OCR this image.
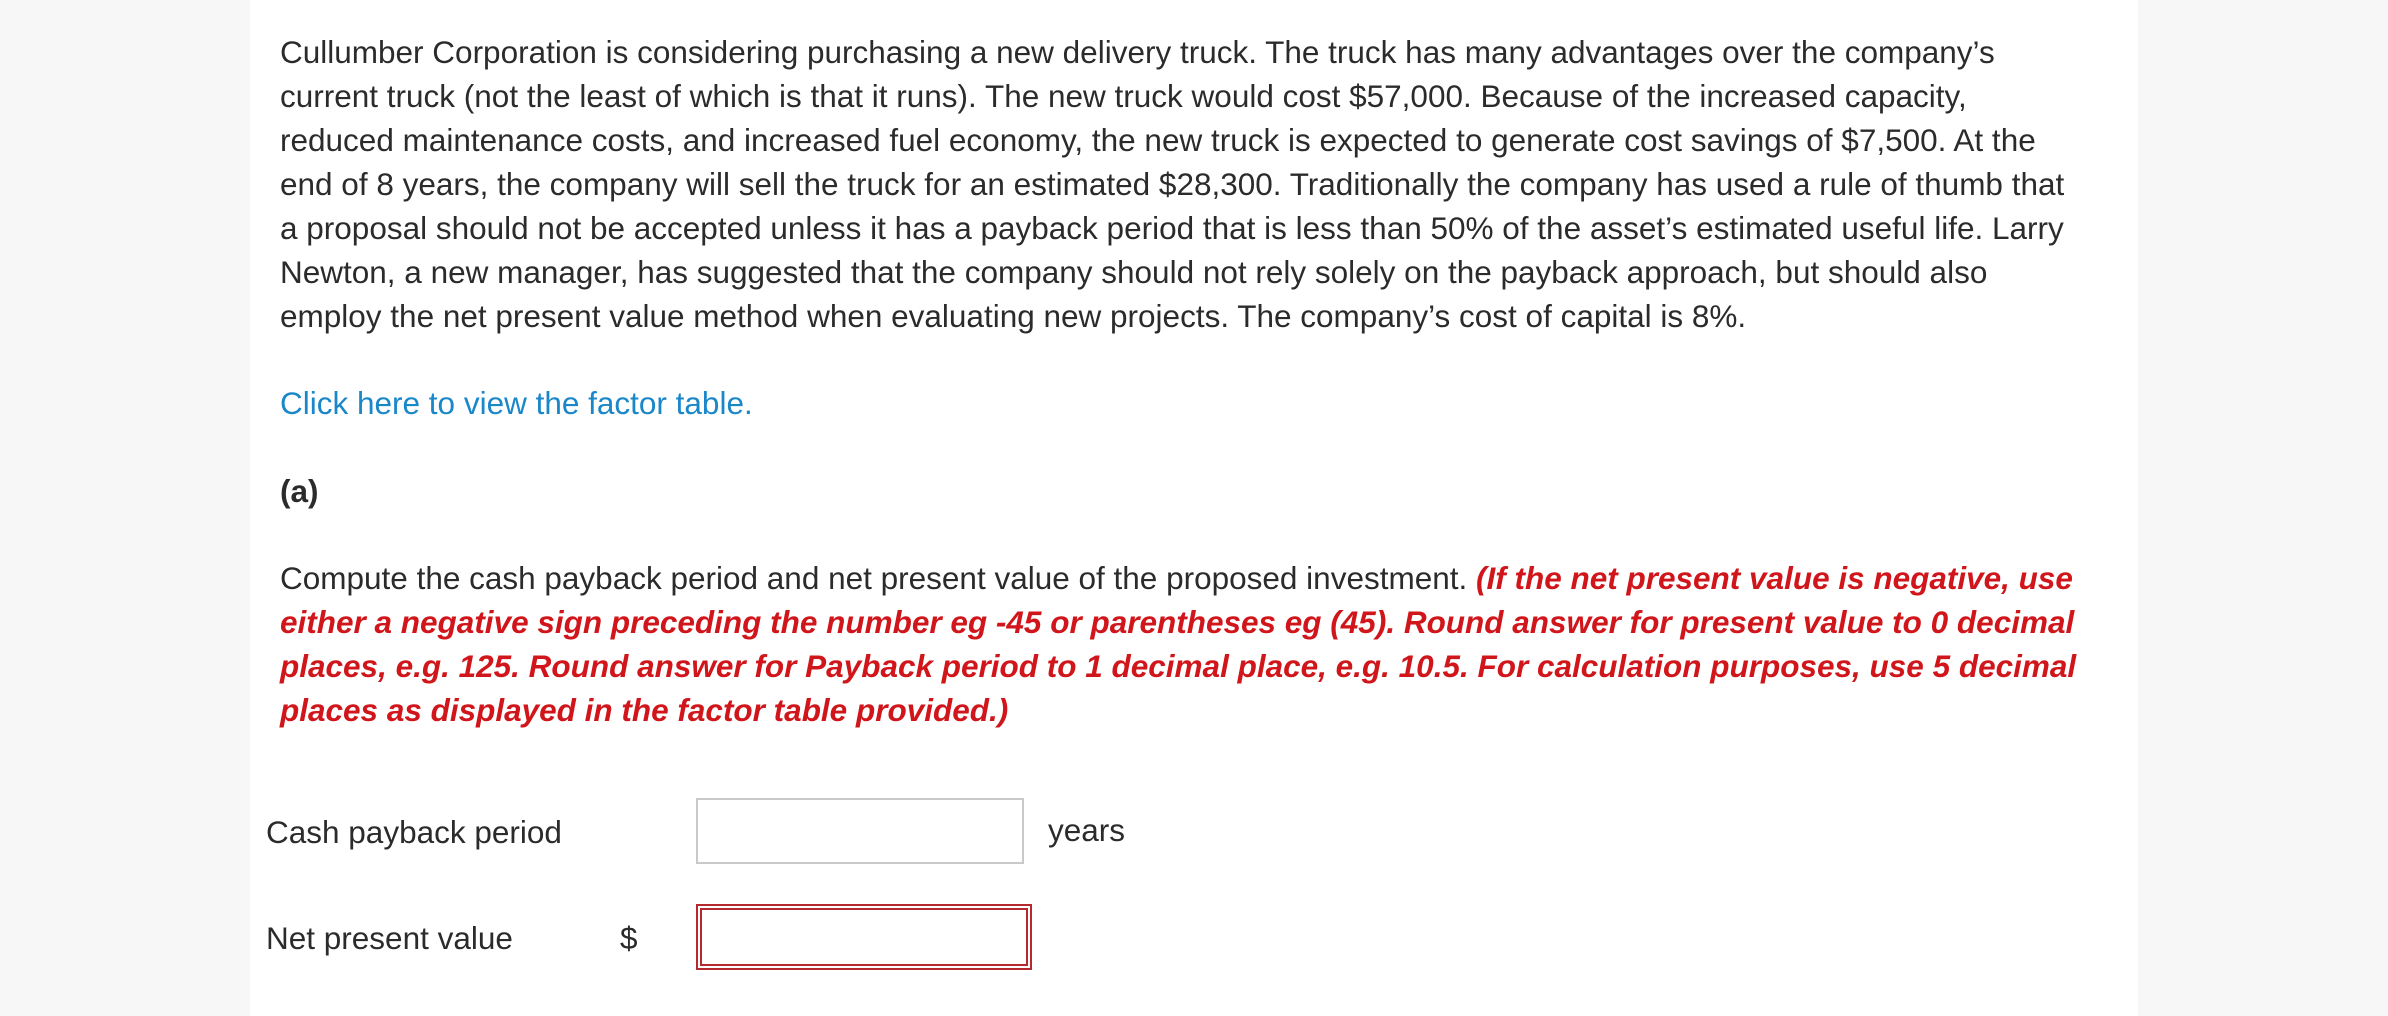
Cullumber Corporation is considering purchasing a new delivery truck. The truck has many advantages over the company’s current truck (not the least of which is that it runs). The new truck would cost $57,000. Because of the increased capacity, reduced maintenance costs, and increased fuel economy, the new truck is expected to generate cost savings of $7,500. At the end of 8 years, the company will sell the truck for an estimated $28,300. Traditionally the company has used a rule of thumb that a proposal should not be accepted unless it has a payback period that is less than 50% of the asset’s estimated useful life. Larry Newton, a new manager, has suggested that the company should not rely solely on the payback approach, but should also employ the net present value method when evaluating new projects. The company’s cost of capital is 8%.

Click here to view the factor table.
(a)
Compute the cash payback period and net present value of the proposed investment. (If the net present value is negative, use either a negative sign preceding the number eg -45 or parentheses eg (45). Round answer for present value to 0 decimal places, e.g. 125. Round answer for Payback period to 1 decimal place, e.g. 10.5. For calculation purposes, use 5 decimal places as displayed in the factor table provided.)
Cash payback period	years
Net present value	$
